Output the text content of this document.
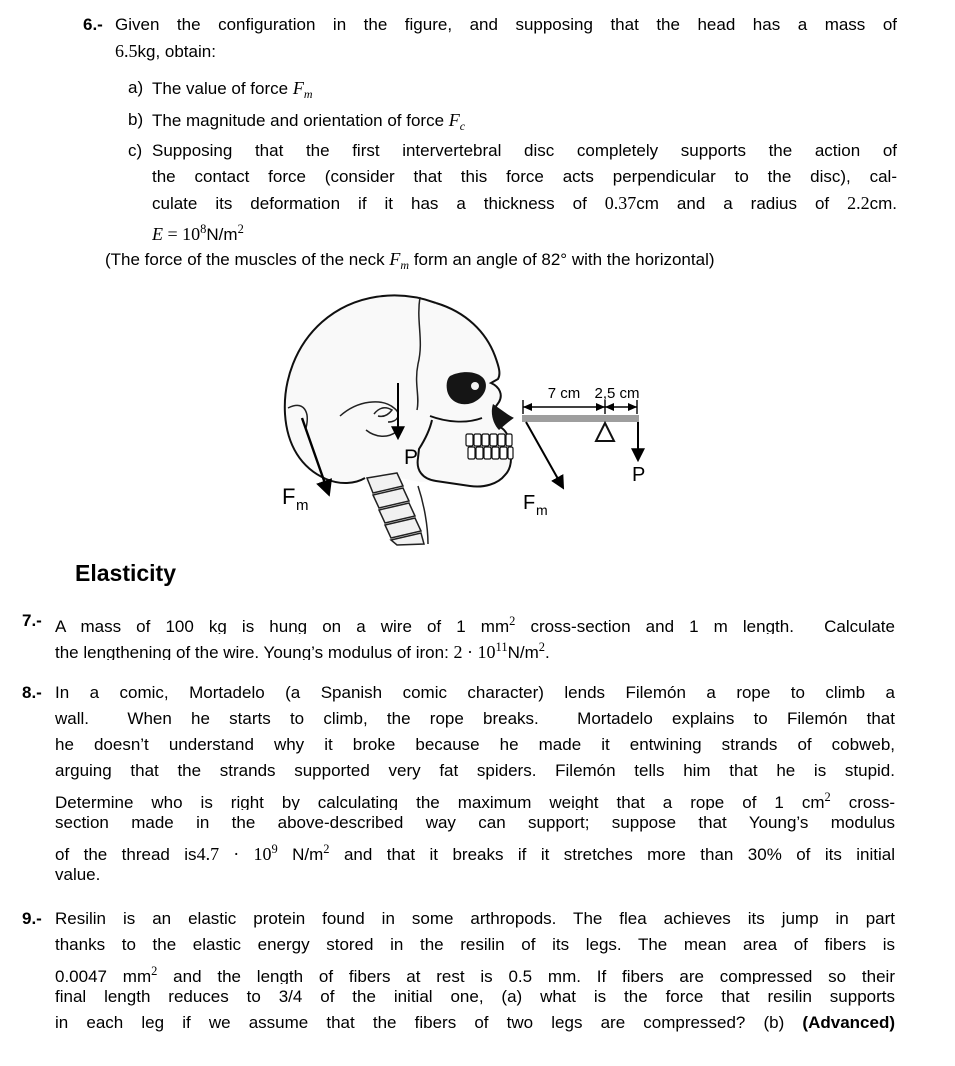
6.- Given the configuration in the figure, and supposing that the head has a mass of
6.5kg, obtain:
a) The value of force $F_m$
b) The magnitude and orientation of force $F_c$
c) Supposing that the first intervertebral disc completely supports the action of
the contact force (consider that this force acts perpendicular to the disc), cal-
culate its deformation if it has a thickness of 0.37cm and a radius of 2.2cm.
$E = 10^8N/m^2$
(The force of the muscles of the neck $F_m$ form an angle of 82° with the horizontal)
P
F m
7 cm 2,5 cm
F m
P
Elasticity
7.- A mass of 100 kg is hung on a wire of 1 $mm^2$ cross-section and 1 m length.  Calculate
the lengthening of the wire. Young’s modulus of iron: $2 \cdot 10^{11}N/m^2$.
8.- In a comic, Mortadelo (a Spanish comic character) lends Filemón a rope to climb a
wall.  When he starts to climb, the rope breaks.  Mortadelo explains to Filemón that
he doesn’t understand why it broke because he made it entwining strands of cobweb,
arguing that the strands supported very fat spiders. Filemón tells him that he is stupid.
Determine who is right by calculating the maximum weight that a rope of 1 $cm^2$ cross-
section made in the above-described way can support; suppose that Young’s modulus
of the thread $is4.7 \cdot 10^9$ $N/m^2$ and that it breaks if it stretches more than 30% of its initial
value.
9.- Resilin is an elastic protein found in some arthropods. The flea achieves its jump in part
thanks to the elastic energy stored in the resilin of its legs. The mean area of fibers is
0.0047 $mm^2$ and the length of fibers at rest is 0.5 mm. If fibers are compressed so their
final length reduces to 3/4 of the initial one, (a) what is the force that resilin supports
in each leg if we assume that the fibers of two legs are compressed? (b) (Advanced)
